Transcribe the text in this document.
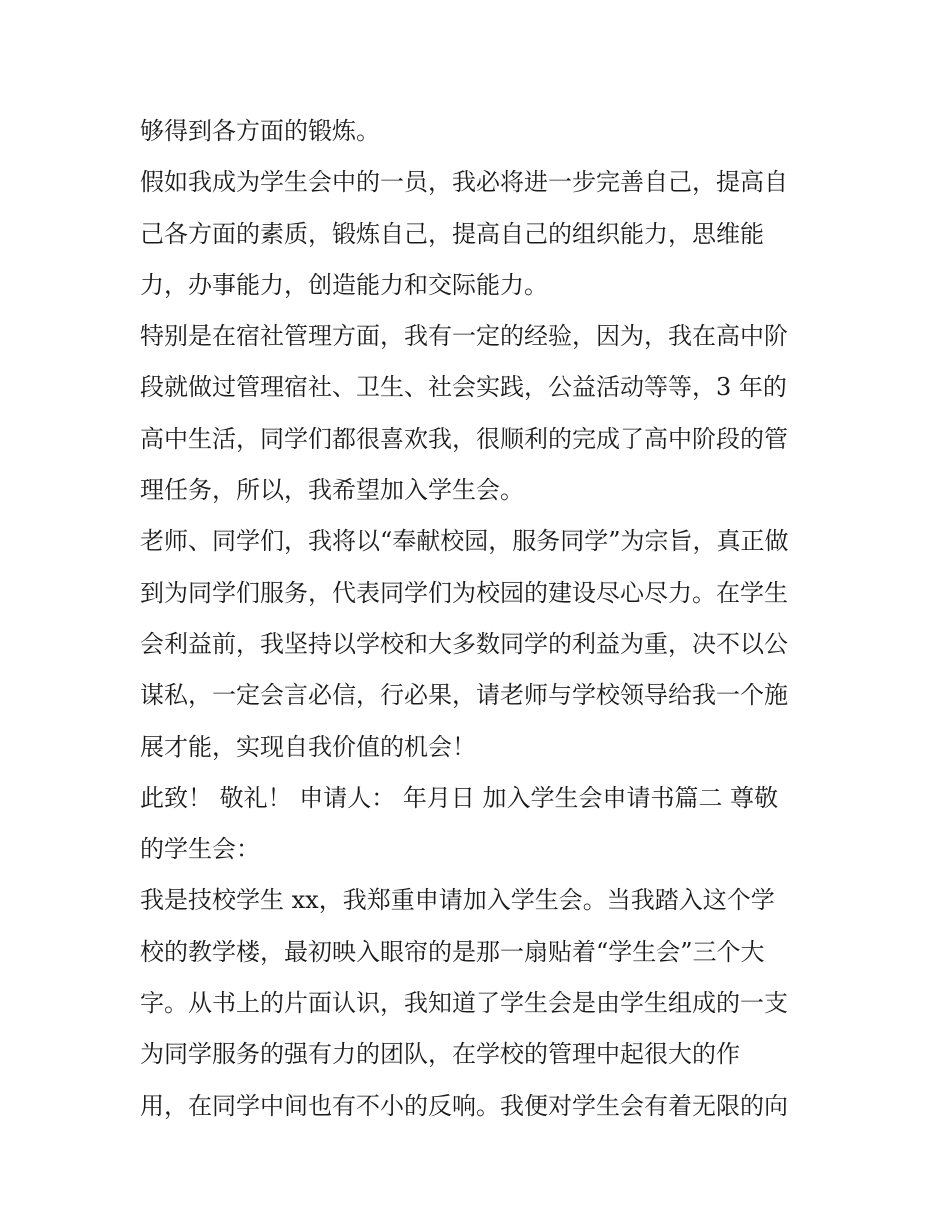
够得到各方面的锻炼。
假如我成为学生会中的一员，我必将进一步完善自己，提高自
己各方面的素质，锻炼自己，提高自己的组织能力，思维能
力，办事能力，创造能力和交际能力。
特别是在宿社管理方面，我有一定的经验，因为，我在高中阶
段就做过管理宿社、卫生、社会实践，公益活动等等，3 年的
高中生活，同学们都很喜欢我，很顺利的完成了高中阶段的管
理任务，所以，我希望加入学生会。
老师、同学们，我将以“奉献校园，服务同学”为宗旨，真正做
到为同学们服务，代表同学们为校园的建设尽心尽力。在学生
会利益前，我坚持以学校和大多数同学的利益为重，决不以公
谋私，一定会言必信，行必果，请老师与学校领导给我一个施
展才能，实现自我价值的机会！
此致！ 敬礼！ 申请人： 年月日 加入学生会申请书篇二 尊敬
的学生会：
我是技校学生 xx，我郑重申请加入学生会。当我踏入这个学
校的教学楼，最初映入眼帘的是那一扇贴着“学生会”三个大
字。从书上的片面认识，我知道了学生会是由学生组成的一支
为同学服务的强有力的团队，在学校的管理中起很大的作
用，在同学中间也有不小的反响。我便对学生会有着无限的向
